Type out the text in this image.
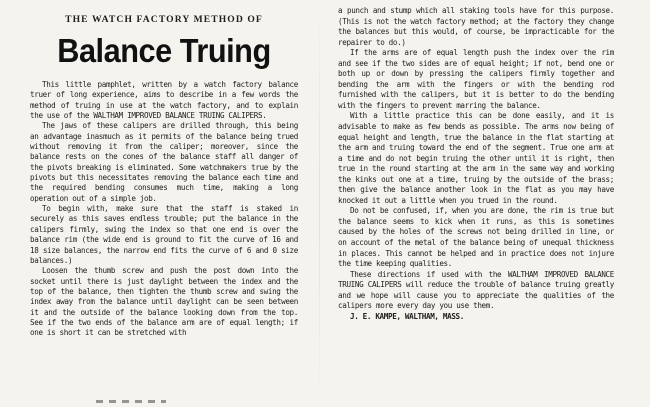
THE WATCH FACTORY METHOD OF
Balance Truing

This little pamphlet, written by a watch factory balance truer of long experience, aims to describe in a few words the method of truing in use at the watch factory, and to explain the use of the WALTHAM IMPROVED BALANCE TRUING CALIPERS.

The jaws of these calipers are drilled through, this being an advantage inasmuch as it permits of the balance being trued without removing it from the caliper; moreover, since the balance rests on the cones of the balance staff all danger of the pivots breaking is eliminated. Some watchmakers true by the pivots but this necessitates removing the balance each time and the required bending consumes much time, making a long operation out of a simple job.

To begin with, make sure that the staff is staked in securely as this saves endless trouble; put the balance in the calipers firmly, swing the index so that one end is over the balance rim (the wide end is ground to fit the curve of 16 and 18 size balances, the narrow end fits the curve of 6 and 0 size balances.)

Loosen the thumb screw and push the post down into the socket until there is just daylight between the index and the top of the balance, then tighten the thumb screw and swing the index away from the balance until daylight can be seen between it and the outside of the balance looking down from the top. See if the two ends of the balance arm are of equal length; if one is short it can be stretched with

a punch and stump which all staking tools have for this purpose. (This is not the watch factory method; at the factory they change the balances but this would, of course, be impracticable for the repairer to do.)

If the arms are of equal length push the index over the rim and see if the two sides are of equal height; if not, bend one or both up or down by pressing the calipers firmly together and bending the arm with the fingers or with the bending rod furnished with the calipers, but it is better to do the bending with the fingers to prevent marring the balance.

With a little practice this can be done easily, and it is advisable to make as few bends as possible. The arms now being of equal height and length, true the balance in the flat starting at the arm and truing toward the end of the segment. True one arm at a time and do not begin truing the other until it is right, then true in the round starting at the arm in the same way and working the kinks out one at a time, truing by the outside of the brass; then give the balance another look in the flat as you may have knocked it out a little when you trued in the round.

Do not be confused, if, when you are done, the rim is true but the balance seems to kick when it runs, as this is sometimes caused by the holes of the screws not being drilled in line, or on account of the metal of the balance being of unequal thickness in places. This cannot be helped and in practice does not injure the time keeping qualities.

These directions if used with the WALTHAM IMPROVED BALANCE TRUING CALIPERS will reduce the trouble of balance truing greatly and we hope will cause you to appreciate the qualities of the calipers more every day you use them.

J. E. KAMPE, WALTHAM, MASS.
